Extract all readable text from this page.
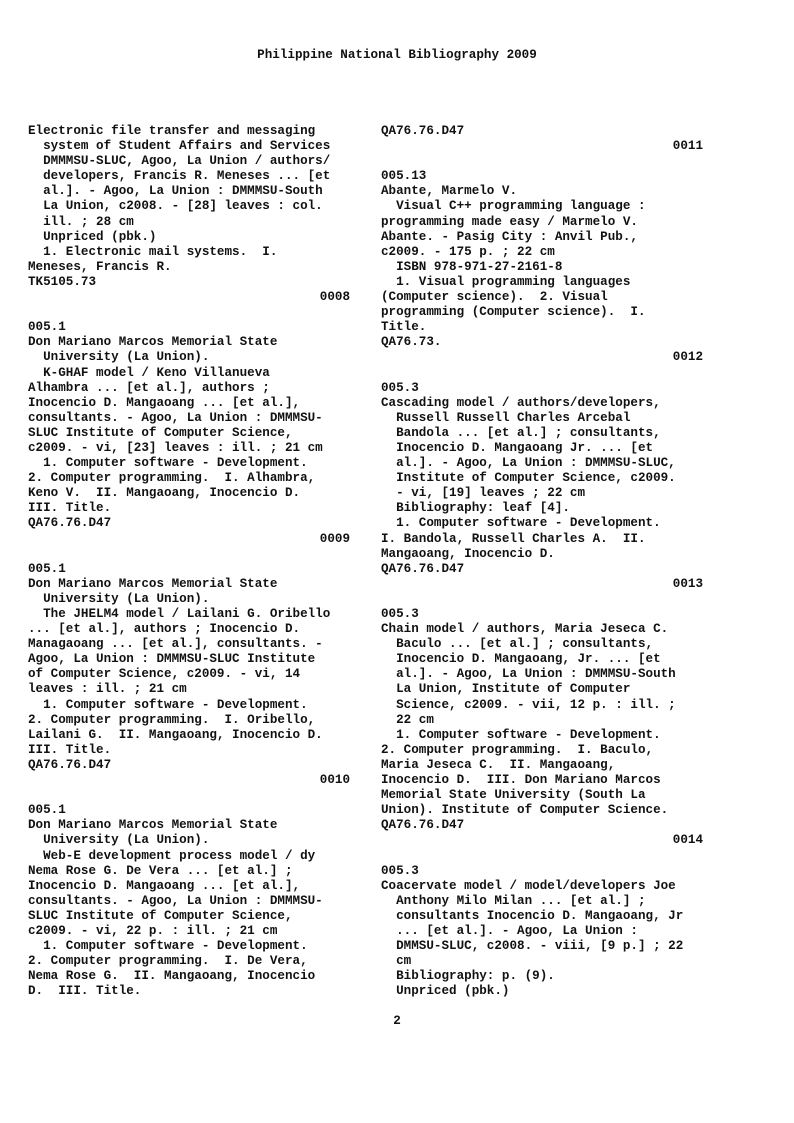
Philippine National Bibliography 2009
Electronic file transfer and messaging
system of Student Affairs and Services
DMMMSU-SLUC, Agoo, La Union / authors/
developers, Francis R. Meneses ... [et
al.]. - Agoo, La Union : DMMMSU-South
La Union, c2008. - [28] leaves : col.
ill. ; 28 cm
Unpriced (pbk.)
1. Electronic mail systems.  I.
Meneses, Francis R.
TK5105.73
0008
005.1
Don Mariano Marcos Memorial State
University (La Union).
K-GHAF model / Keno Villanueva
Alhambra ... [et al.], authors ;
Inocencio D. Mangaoang ... [et al.],
consultants. - Agoo, La Union : DMMMSU-
SLUC Institute of Computer Science,
c2009. - vi, [23] leaves : ill. ; 21 cm
1. Computer software - Development.
2. Computer programming.  I. Alhambra,
Keno V.  II. Mangaoang, Inocencio D.
III. Title.
QA76.76.D47
0009
005.1
Don Mariano Marcos Memorial State
University (La Union).
The JHELM4 model / Lailani G. Oribello
... [et al.], authors ; Inocencio D.
Managaoang ... [et al.], consultants. -
Agoo, La Union : DMMMSU-SLUC Institute
of Computer Science, c2009. - vi, 14
leaves : ill. ; 21 cm
1. Computer software - Development.
2. Computer programming.  I. Oribello,
Lailani G.  II. Mangaoang, Inocencio D.
III. Title.
QA76.76.D47
0010
005.1
Don Mariano Marcos Memorial State
University (La Union).
Web-E development process model / dy
Nema Rose G. De Vera ... [et al.] ;
Inocencio D. Mangaoang ... [et al.],
consultants. - Agoo, La Union : DMMMSU-
SLUC Institute of Computer Science,
c2009. - vi, 22 p. : ill. ; 21 cm
1. Computer software - Development.
2. Computer programming.  I. De Vera,
Nema Rose G.  II. Mangaoang, Inocencio
D.  III. Title.
QA76.76.D47
0011
005.13
Abante, Marmelo V.
Visual C++ programming language :
programming made easy / Marmelo V.
Abante. - Pasig City : Anvil Pub.,
c2009. - 175 p. ; 22 cm
ISBN 978-971-27-2161-8
1. Visual programming languages
(Computer science).  2. Visual
programming (Computer science).  I.
Title.
QA76.73.
0012
005.3
Cascading model / authors/developers,
Russell Russell Charles Arcebal
Bandola ... [et al.] ; consultants,
Inocencio D. Mangaoang Jr. ... [et
al.]. - Agoo, La Union : DMMMSU-SLUC,
Institute of Computer Science, c2009.
- vi, [19] leaves ; 22 cm
Bibliography: leaf [4].
1. Computer software - Development.
I. Bandola, Russell Charles A.  II.
Mangaoang, Inocencio D.
QA76.76.D47
0013
005.3
Chain model / authors, Maria Jeseca C.
Baculo ... [et al.] ; consultants,
Inocencio D. Mangaoang, Jr. ... [et
al.]. - Agoo, La Union : DMMMSU-South
La Union, Institute of Computer
Science, c2009. - vii, 12 p. : ill. ;
22 cm
1. Computer software - Development.
2. Computer programming.  I. Baculo,
Maria Jeseca C.  II. Mangaoang,
Inocencio D.  III. Don Mariano Marcos
Memorial State University (South La
Union). Institute of Computer Science.
QA76.76.D47
0014
005.3
Coacervate model / model/developers Joe
Anthony Milo Milan ... [et al.] ;
consultants Inocencio D. Mangaoang, Jr
... [et al.]. - Agoo, La Union :
DMMSU-SLUC, c2008. - viii, [9 p.] ; 22
cm
Bibliography: p. (9).
Unpriced (pbk.)
2
